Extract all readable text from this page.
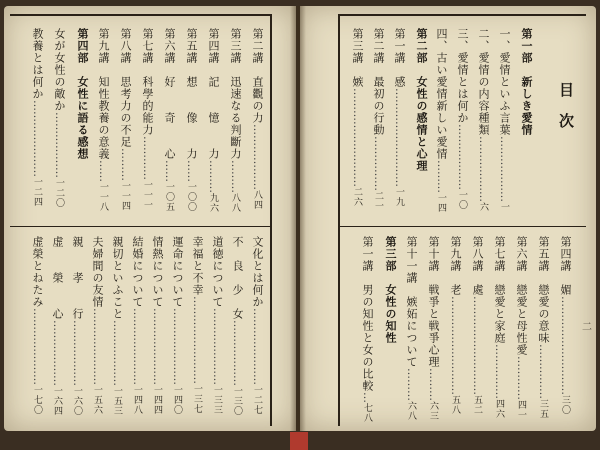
目次
二
第一部　新しき愛情
一、愛情といふ言葉………………一
二、愛情の内容種類………………六
三、愛情とは何か………………一〇
四、古い愛情新しい愛情………一四
第二部　女性の感情と心理
第一講　感………………………一九
第二講　最初の行動……………二一
第三講　嫉………………………二六
第四講　媚………………………三〇
第五講　戀愛の意味……………三五
第六講　戀愛と母性愛…………四一
第七講　戀愛と家庭……………四六
第八講　處………………………五二
第九講　老………………………五八
第十講　戦爭と戦爭心理………六三
第十一講　嫉妬について………六八
第三部　女性の知性
第一講　男の知性と女の比較…七八
第二講　直觀の力………………八四
第三講　迅速なる判斷力………八八
第四講　記　　憶　　力………九六
第五講　想　　像　　力……一〇〇
第六講　好　　奇　　心……一〇五
第七講　科學的能力…………一一一
第八講　思考力の不足………一一四
第九講　知性教養の意義……一一八
第四部　女性に語る感想
女が女性の敵か………………一二〇
教養とは何か…………………一二四
文化とは何か…………………一二七
不　良　少　女………………一三〇
道徳について…………………一三三
幸福と不幸……………………一三七
運命について…………………一四〇
情熱について…………………一四四
結婚について…………………一四八
親切といふこと………………一五三
夫婦間の友情…………………一五六
親　　孝　　行………………一六〇
虚　　榮　　心………………一六四
虚榮とねたみ…………………一七〇
